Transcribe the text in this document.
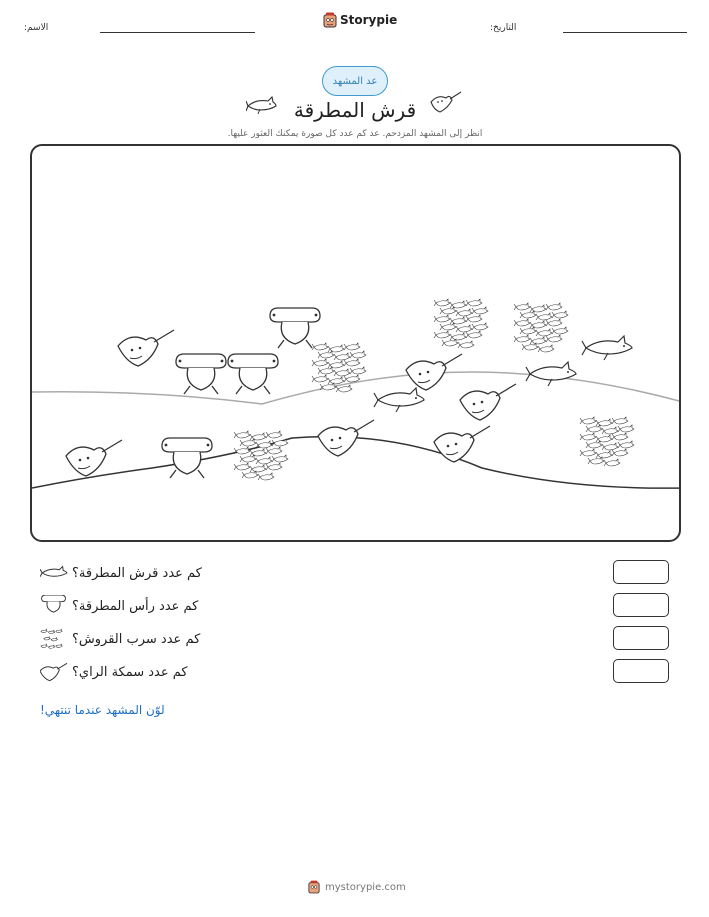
التاريخ:
Storypie
الاسم:
عد المشهد
قرش المطرقة
انظر إلى المشهد المزدحم. عد كم عدد كل صورة يمكنك العثور عليها.
كم عدد قرش المطرقة؟
كم عدد رأس المطرقة؟
كم عدد سرب القروش؟
كم عدد سمكة الراي؟
لوّن المشهد عندما تنتهي!
mystorypie.com
